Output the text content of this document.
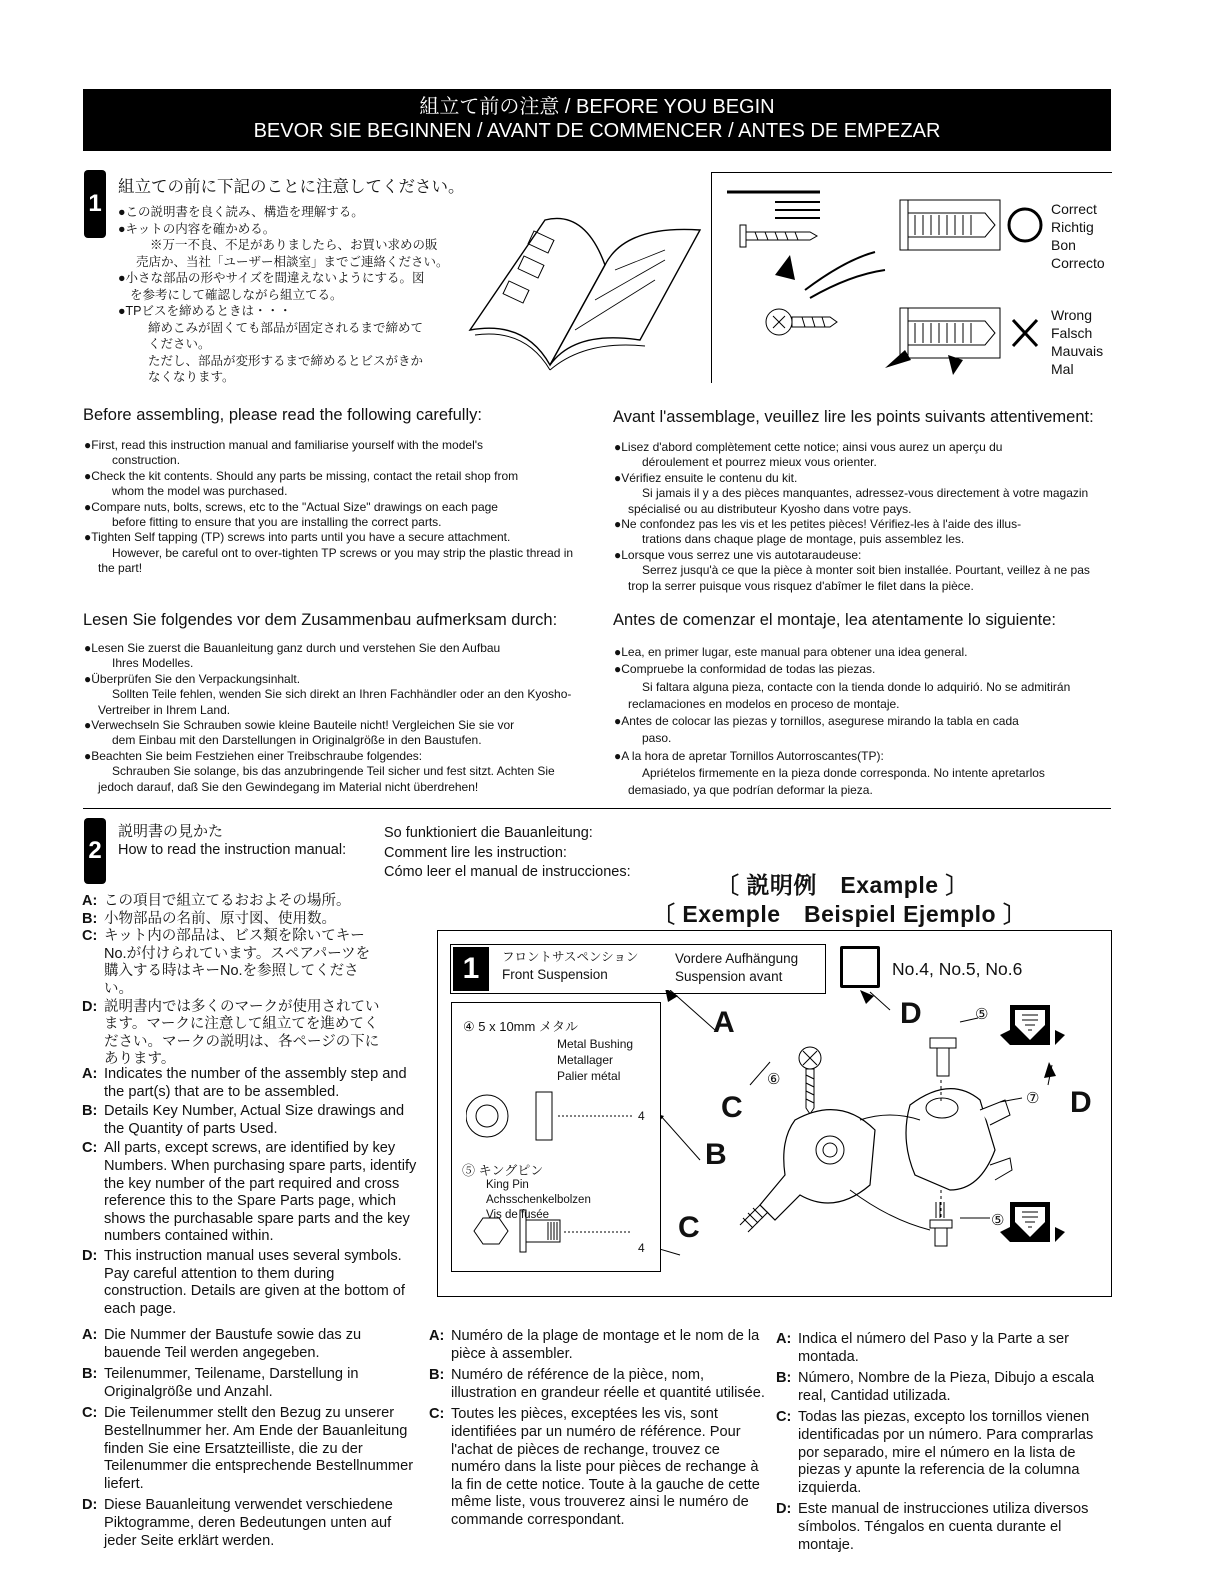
組立て前の注意 / BEFORE YOU BEGIN
BEVOR SIE BEGINNEN / AVANT DE COMMENCER / ANTES DE EMPEZAR
1
組立ての前に下記のことに注意してください。

●この説明書を良く読み、構造を理解する。

●キットの内容を確かめる。

※万一不良、不足がありましたら、お買い求めの販

売店か、当社「ユーザー相談室」までご連絡ください。

●小さな部品の形やサイズを間違えないようにする。図

を参考にして確認しながら組立てる。

●TPビスを締めるときは・・・

締めこみが固くても部品が固定されるまで締めて

ください。

ただし、部品が変形するまで締めるとビスがきか

なくなります。

Correct
Richtig
Bon
Correcto
Wrong
Falsch
Mauvais
Mal
Before assembling, please read the following carefully:

●First, read this instruction manual and familiarise yourself with the model's
construction.

●Check the kit contents. Should any parts be missing, contact the retail shop from
whom the model was purchased.

●Compare nuts, bolts, screws, etc to the "Actual Size" drawings on each page
before fitting to ensure that you are installing the correct parts.

●Tighten Self tapping (TP) screws into parts until you have a secure attachment.
However, be careful ont to over-tighten TP screws or you may strip the plastic thread in the part!

Avant l'assemblage, veuillez lire les points suivants attentivement:

●Lisez d'abord complètement cette notice; ainsi vous aurez un aperçu du
déroulement et pourrez mieux vous orienter.

●Vérifiez ensuite le contenu du kit.
Si jamais il y a des pièces manquantes, adressez-vous directement à votre magazin spécialisé ou au distributeur Kyosho dans votre pays.

●Ne confondez pas les vis et les petites pièces! Vérifiez-les à l'aide des illus-
trations dans chaque plage de montage, puis assemblez les.

●Lorsque vous serrez une vis autotaraudeuse:
Serrez jusqu'à ce que la pièce à monter soit bien installée. Pourtant, veillez à ne pas trop la serrer puisque vous risquez d'abîmer le filet dans la pièce.

Lesen Sie folgendes vor dem Zusammenbau aufmerksam durch:

●Lesen Sie zuerst die Bauanleitung ganz durch und verstehen Sie den Aufbau
Ihres Modelles.

●Überprüfen Sie den Verpackungsinhalt.
Sollten Teile fehlen, wenden Sie sich direkt an Ihren Fachhändler oder an den Kyosho-Vertreiber in Ihrem Land.

●Verwechseln Sie Schrauben sowie kleine Bauteile nicht! Vergleichen Sie sie vor
dem Einbau mit den Darstellungen in Originalgröße in den Baustufen.

●Beachten Sie beim Festziehen einer Treibschraube folgendes:
Schrauben Sie solange, bis das anzubringende Teil sicher und fest sitzt. Achten Sie jedoch darauf, daß Sie den Gewindegang im Material nicht überdrehen!

Antes de comenzar el montaje, lea atentamente lo siguiente:

●Lea, en primer lugar, este manual para obtener una idea general.

●Compruebe la conformidad de todas las piezas.
Si faltara alguna pieza, contacte con la tienda donde lo adquirió. No se admitirán reclamaciones en modelos en proceso de montaje.

●Antes de colocar las piezas y tornillos, asegurese mirando la tabla en cada
paso.

●A la hora de apretar Tornillos Autorroscantes(TP):
Apriételos firmemente en la pieza donde corresponda. No intente apretarlos demasiado, ya que podrían deformar la pieza.

2
説明書の見かた
How to read the instruction manual:
So funktioniert die Bauanleitung:
Comment lire les instruction:
Cómo leer el manual de instrucciones:	〔 説明例　Example 〕
〔 Exemple　Beispiel Ejemplo 〕

A: この項目で組立てるおおよその場所。

B: 小物部品の名前、原寸図、使用数。

C: キット内の部品は、ビス類を除いてキーNo.が付けられています。スペアパーツを購入する時はキーNo.を参照してください。

D: 説明書内では多くのマークが使用されています。マークに注意して組立てを進めてください。マークの説明は、各ページの下にあります。

A: Indicates the number of the assembly step and the part(s) that are to be assembled.

B: Details Key Number, Actual Size drawings and the Quantity of parts Used.

C: All parts, except screws, are identified by key Numbers. When purchasing spare parts, identify the key number of the part required and cross reference this to the Spare Parts page, which shows the purchasable spare parts and the key numbers contained within.

D: This instruction manual uses several symbols. Pay careful attention to them during construction. Details are given at the bottom of each page.

1	フロントサスペンション
Front Suspension
Vordere Aufhängung
Suspension avant	No.4, No.5, No.6
④ 5 x 10mm メタル
Metal Bushing
Metallager
Palier métal
4
⑤ キングピン
King Pin
Achsschenkelbolzen
Vis de fusée
4
A	D
D
C
B
C
⑤
⑥
⑦
⑤

A: Die Nummer der Baustufe sowie das zu bauende Teil werden angegeben.

B: Teilenummer, Teilename, Darstellung in Originalgröße und Anzahl.

C: Die Teilenummer stellt den Bezug zu unserer Bestellnummer her. Am Ende der Bauanleitung finden Sie eine Ersatzteilliste, die zu der Teilenummer die entsprechende Bestellnummer liefert.

D: Diese Bauanleitung verwendet verschiedene Piktogramme, deren Bedeutungen unten auf jeder Seite erklärt werden.

A: Numéro de la plage de montage et le nom de la pièce à assembler.

B: Numéro de référence de la pièce, nom, illustration en grandeur réelle et quantité utilisée.

C: Toutes les pièces, exceptées les vis, sont identifiées par un numéro de référence. Pour l'achat de pièces de rechange, trouvez ce numéro dans la liste pour pièces de rechange à la fin de cette notice. Toute à la gauche de cette même liste, vous trouverez ainsi le numéro de commande correspondant.

A: Indica el número del Paso y la Parte a ser montada.

B: Número, Nombre de la Pieza, Dibujo a escala real, Cantidad utilizada.

C: Todas las piezas, excepto los tornillos vienen identificadas por un número. Para comprarlas por separado, mire el número en la lista de piezas y apunte la referencia de la columna izquierda.

D: Este manual de instrucciones utiliza diversos símbolos. Téngalos en cuenta durante el montaje.
